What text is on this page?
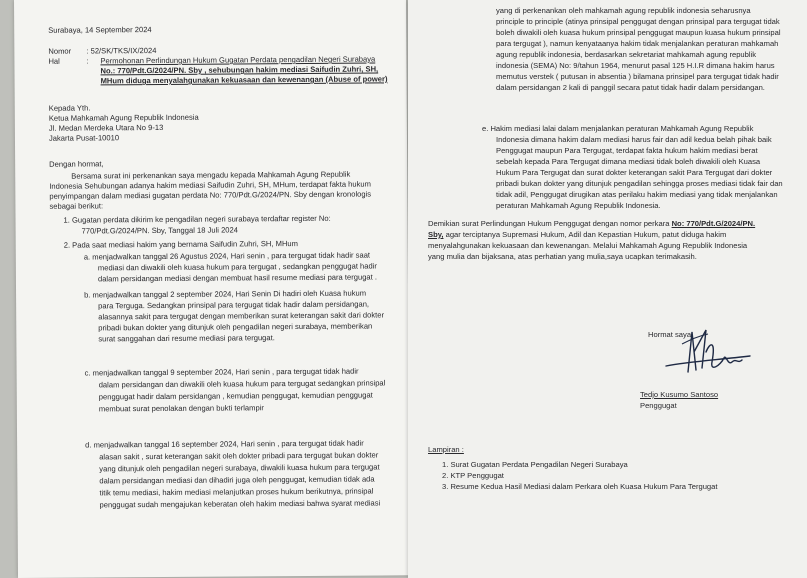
Surabaya, 14 September 2024
Nomor : 52/SK/TKS/IX/2024
Hal	: Permohonan Perlindungan Hukum Gugatan Perdata pengadilan Negeri Surabaya
No.: 770/Pdt.G/2024/PN. Sby , sehubungan hakim mediasi Saifudin Zuhri, SH,
MHum diduga menyalahgunakan kekuasaan dan kewenangan (Abuse of power)
Kepada Yth.
Ketua Mahkamah Agung Republik Indonesia
Jl. Medan Merdeka Utara No 9-13
Jakarta Pusat-10010
Dengan hormat,
Bersama surat ini perkenankan saya mengadu kepada Mahkamah Agung Republik
Indonesia Sehubungan adanya hakim mediasi Saifudin Zuhri, SH, MHum, terdapat fakta hukum
penyimpangan dalam mediasi gugatan perdata No: 770/Pdt.G/2024/PN. Sby dengan kronologis
sebagai berikut:
1. Gugatan perdata dikirim ke pengadilan negeri surabaya terdaftar register No:
770/Pdt.G/2024/PN. Sby, Tanggal 18 Juli 2024
2. Pada saat mediasi hakim yang bernama Saifudin Zuhri, SH, MHum
a. menjadwalkan tanggal 26 Agustus 2024, Hari senin , para tergugat tidak hadir saat
mediasi dan diwakili oleh kuasa hukum para tergugat , sedangkan penggugat hadir
dalam persidangan mediasi dengan membuat hasil resume mediasi para tergugat .
b. menjadwalkan tanggal 2 september 2024, Hari Senin Di hadiri oleh Kuasa hukum
para Terguga. Sedangkan prinsipal para tergugat tidak hadir dalam persidangan,
alasannya sakit para tergugat dengan memberikan surat keterangan sakit dari dokter
pribadi bukan dokter yang ditunjuk oleh pengadilan negeri surabaya, memberikan
surat sanggahan dari resume mediasi para tergugat.
c. menjadwalkan tanggal 9 september 2024, Hari senin , para tergugat tidak hadir
dalam persidangan dan diwakili oleh kuasa hukum para tergugat sedangkan prinsipal
penggugat hadir dalam persidangan , kemudian penggugat, kemudian penggugat
membuat surat penolakan dengan bukti terlampir
d. menjadwalkan tanggal 16 september 2024, Hari senin , para tergugat tidak hadir
alasan sakit , surat keterangan sakit oleh dokter pribadi para tergugat bukan dokter
yang ditunjuk oleh pengadilan negeri surabaya, diwakili kuasa hukum para tergugat
dalam persidangan mediasi dan dihadiri juga oleh penggugat, kemudian tidak ada
titik temu mediasi, hakim mediasi melanjutkan proses hukum berikutnya, prinsipal
penggugat sudah mengajukan keberatan oleh hakim mediasi bahwa syarat mediasi
yang di perkenankan oleh mahkamah agung republik indonesia seharusnya
principle to principle (atinya prinsipal penggugat dengan prinsipal para tergugat tidak
boleh diwakili oleh kuasa hukum prinsipal penggugat maupun kuasa hukum prinsipal
para tergugat ), namun kenyataanya hakim tidak menjalankan peraturan mahkamah
agung republik indonesia, berdasarkan sekretariat mahkamah agung republik
indonesia (SEMA) No: 9/tahun 1964, menurut pasal 125 H.I.R dimana hakim harus
memutus verstek ( putusan in absentia ) bilamana prinsipel para tergugat tidak hadir
dalam persidangan 2 kali di panggil secara patut tidak hadir dalam persidangan.
e. Hakim mediasi lalai dalam menjalankan peraturan Mahkamah Agung Republik
Indonesia dimana hakim dalam mediasi harus fair dan adil kedua belah pihak baik
Penggugat maupun Para Tergugat, terdapat fakta hukum hakim mediasi berat
sebelah kepada Para Tergugat dimana mediasi tidak boleh diwakili oleh Kuasa
Hukum Para Tergugat dan surat dokter keterangan sakit Para Tergugat dari dokter
pribadi bukan dokter yang ditunjuk pengadilan sehingga proses mediasi tidak fair dan
tidak adil, Penggugat dirugikan atas perilaku hakim mediasi yang tidak menjalankan
peraturan Mahkamah Agung Republik Indonesia.
Demikian surat Perlindungan Hukum Penggugat dengan nomor perkara No: 770/Pdt.G/2024/PN.
Sby, agar terciptanya Supremasi Hukum, Adil dan Kepastian Hukum, patut diduga hakim
menyalahgunakan kekuasaan dan kewenangan. Melalui Mahkamah Agung Republik Indonesia
yang mulia dan bijaksana, atas perhatian yang mulia,saya ucapkan terimakasih.
Hormat saya,
Tedjo Kusumo Santoso
Penggugat
Lampiran :
1. Surat Gugatan Perdata Pengadilan Negeri Surabaya
2. KTP Penggugat
3. Resume Kedua Hasil Mediasi dalam Perkara oleh Kuasa Hukum Para Tergugat
